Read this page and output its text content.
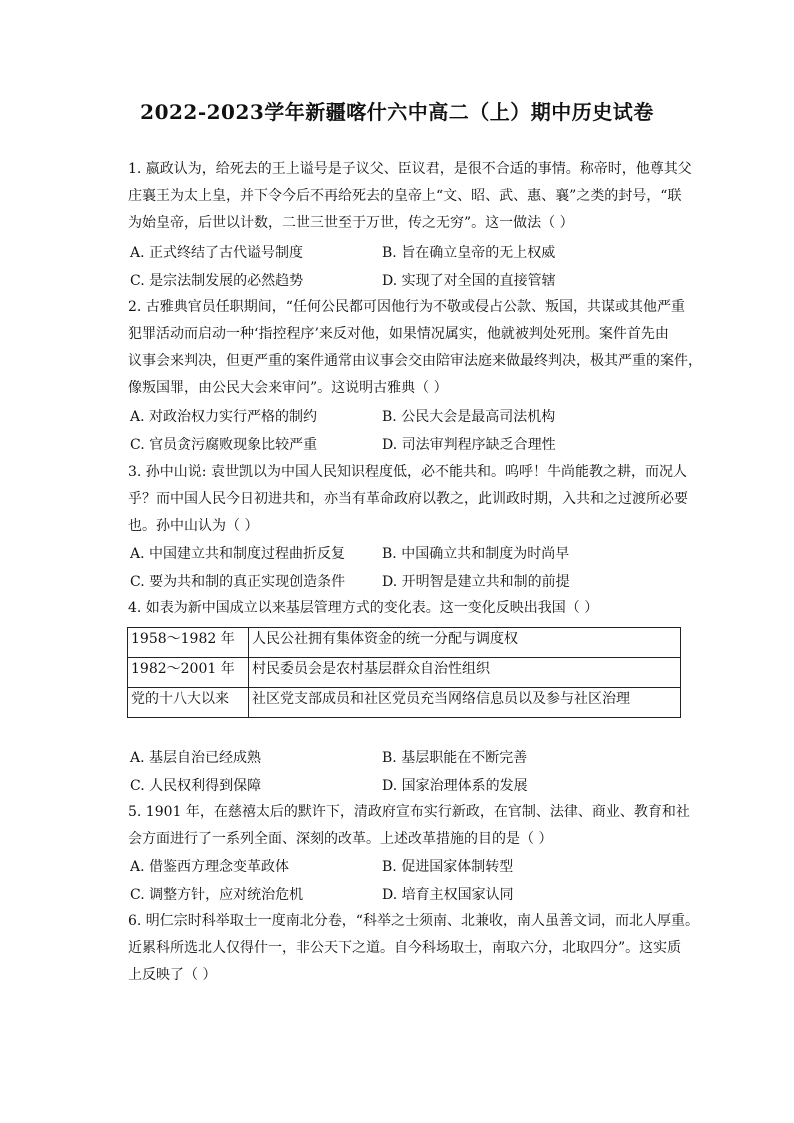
2022-2023学年新疆喀什六中高二（上）期中历史试卷
1. 嬴政认为，给死去的王上谥号是子议父、臣议君，是很不合适的事情。称帝时，他尊其父
庄襄王为太上皇，并下令今后不再给死去的皇帝上“文、昭、武、惠、襄”之类的封号，“联
为始皇帝，后世以计数，二世三世至于万世，传之无穷”。这一做法（ ）
A. 正式终结了古代谥号制度	B. 旨在确立皇帝的无上权威
C. 是宗法制发展的必然趋势	D. 实现了对全国的直接管辖
2. 古雅典官员任职期间，“任何公民都可因他行为不敬或侵占公款、叛国，共谋或其他严重
犯罪活动而启动一种‘指控程序’来反对他，如果情况属实，他就被判处死刑。案件首先由
议事会来判决，但更严重的案件通常由议事会交由陪审法庭来做最终判决，极其严重的案件，
像叛国罪，由公民大会来审问”。这说明古雅典（ ）
A. 对政治权力实行严格的制约	B. 公民大会是最高司法机构
C. 官员贪污腐败现象比较严重	D. 司法审判程序缺乏合理性
3. 孙中山说: 袁世凯以为中国人民知识程度低，必不能共和。呜呼！牛尚能教之耕，而况人
乎？而中国人民今日初进共和，亦当有革命政府以教之，此训政时期，入共和之过渡所必要
也。孙中山认为（ ）
A. 中国建立共和制度过程曲折反复	B. 中国确立共和制度为时尚早
C. 要为共和制的真正实现创造条件	D. 开明智是建立共和制的前提
4. 如表为新中国成立以来基层管理方式的变化表。这一变化反映出我国（ ）
1958～1982 年	人民公社拥有集体资金的统一分配与调度权
1982～2001 年	村民委员会是农村基层群众自治性组织
党的十八大以来	社区党支部成员和社区党员充当网络信息员以及参与社区治理
A. 基层自治已经成熟	B. 基层职能在不断完善
C. 人民权利得到保障	D. 国家治理体系的发展
5. 1901 年，在慈禧太后的默许下，清政府宣布实行新政，在官制、法律、商业、教育和社
会方面进行了一系列全面、深刻的改革。上述改革措施的目的是（ ）
A. 借鉴西方理念变革政体	B. 促进国家体制转型
C. 调整方针，应对统治危机	D. 培育主权国家认同
6. 明仁宗时科举取士一度南北分卷，“科举之士须南、北兼收，南人虽善文词，而北人厚重。
近累科所选北人仅得什一，非公天下之道。自今科场取士，南取六分，北取四分”。这实质
上反映了（ ）
